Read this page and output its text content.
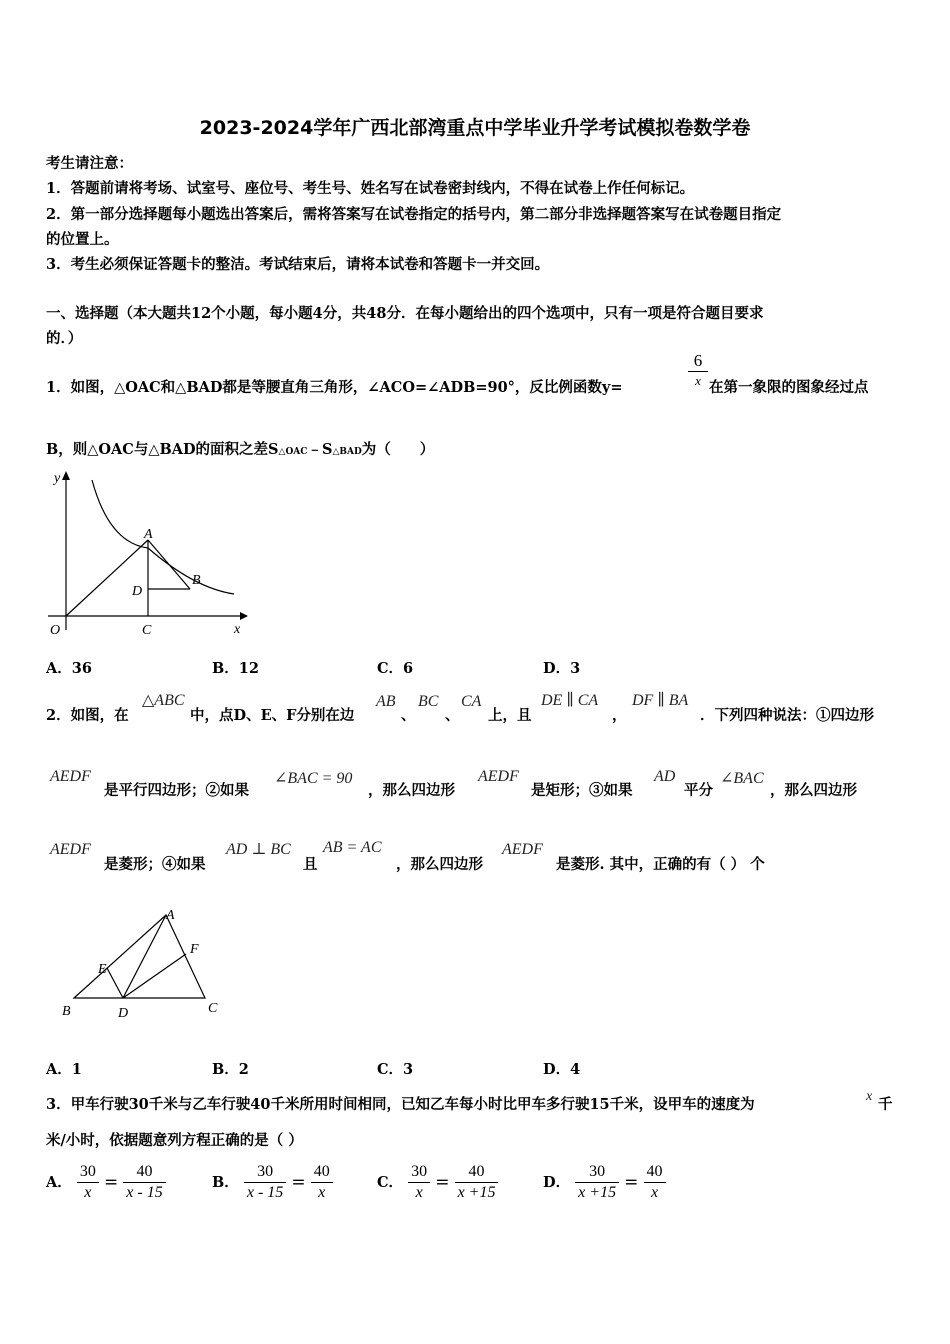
2023-2024学年广西北部湾重点中学毕业升学考试模拟卷数学卷
考生请注意：
1．答题前请将考场、试室号、座位号、考生号、姓名写在试卷密封线内，不得在试卷上作任何标记。
2．第一部分选择题每小题选出答案后，需将答案写在试卷指定的括号内，第二部分非选择题答案写在试卷题目指定
的位置上。
3．考生必须保证答题卡的整洁。考试结束后，请将本试卷和答题卡一并交回。
一、选择题（本大题共12个小题，每小题4分，共48分．在每小题给出的四个选项中，只有一项是符合题目要求
的．）
1．如图，△OAC和△BAD都是等腰直角三角形，∠ACO=∠ADB=90°，反比例函数y=
6
x 在第一象限的图象经过点
B，则△OAC与△BAD的面积之差S△OAC﹣S△BAD为（　　）
y
x
O	C
A
B
D
A．36	B．12	C．6	D．3
2．如图，在
△ABC
中，点D、E、F分别在边
AB
、
BC
、
CA
上，且
DE ∥ CA
，
DF ∥ BA
．下列四种说法：①四边形
AEDF
是平行四边形；②如果
∠BAC = 90
，那么四边形
AEDF
是矩形；③如果
AD
平分
∠BAC
，那么四边形
AEDF
是菱形；④如果
AD ⊥ BC
且
AB = AC
，那么四边形
AEDF
是菱形. 其中，正确的有（ ） 个
A
B	C
D
E
F
A．1	B．2	C．3	D．4
3．甲车行驶30千米与乙车行驶40千米所用时间相同，已知乙车每小时比甲车多行驶15千米，设甲车的速度为	x 千
米/小时，依据题意列方程正确的是（ ）
A． $\frac{30}{x} = \frac{40}{x - 15}$	B． $\frac{30}{x - 15} = \frac{40}{x}$	C． $\frac{30}{x} = \frac{40}{x +15}$	D． $\frac{30}{x +15} = \frac{40}{x}$
